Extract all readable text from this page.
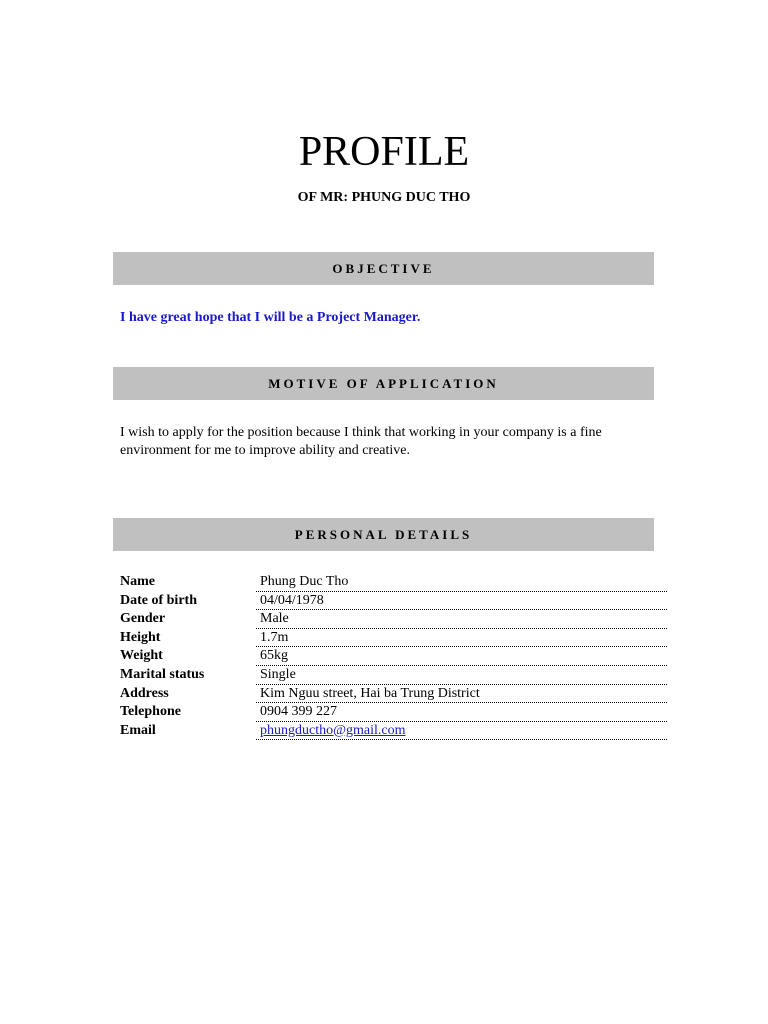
PROFILE
OF MR: PHUNG DUC THO
OBJECTIVE
I have great hope that I will be a Project Manager.
MOTIVE OF APPLICATION
I wish to apply for the position because I think that working in your company is a fine environment for me to improve ability and creative.
PERSONAL DETAILS
Name	Phung Duc Tho
Date of birth	04/04/1978
Gender	Male
Height	1.7m
Weight	65kg
Marital status	Single
Address	Kim Nguu street, Hai ba Trung District
Telephone	0904 399 227
Email	phungductho@gmail.com
